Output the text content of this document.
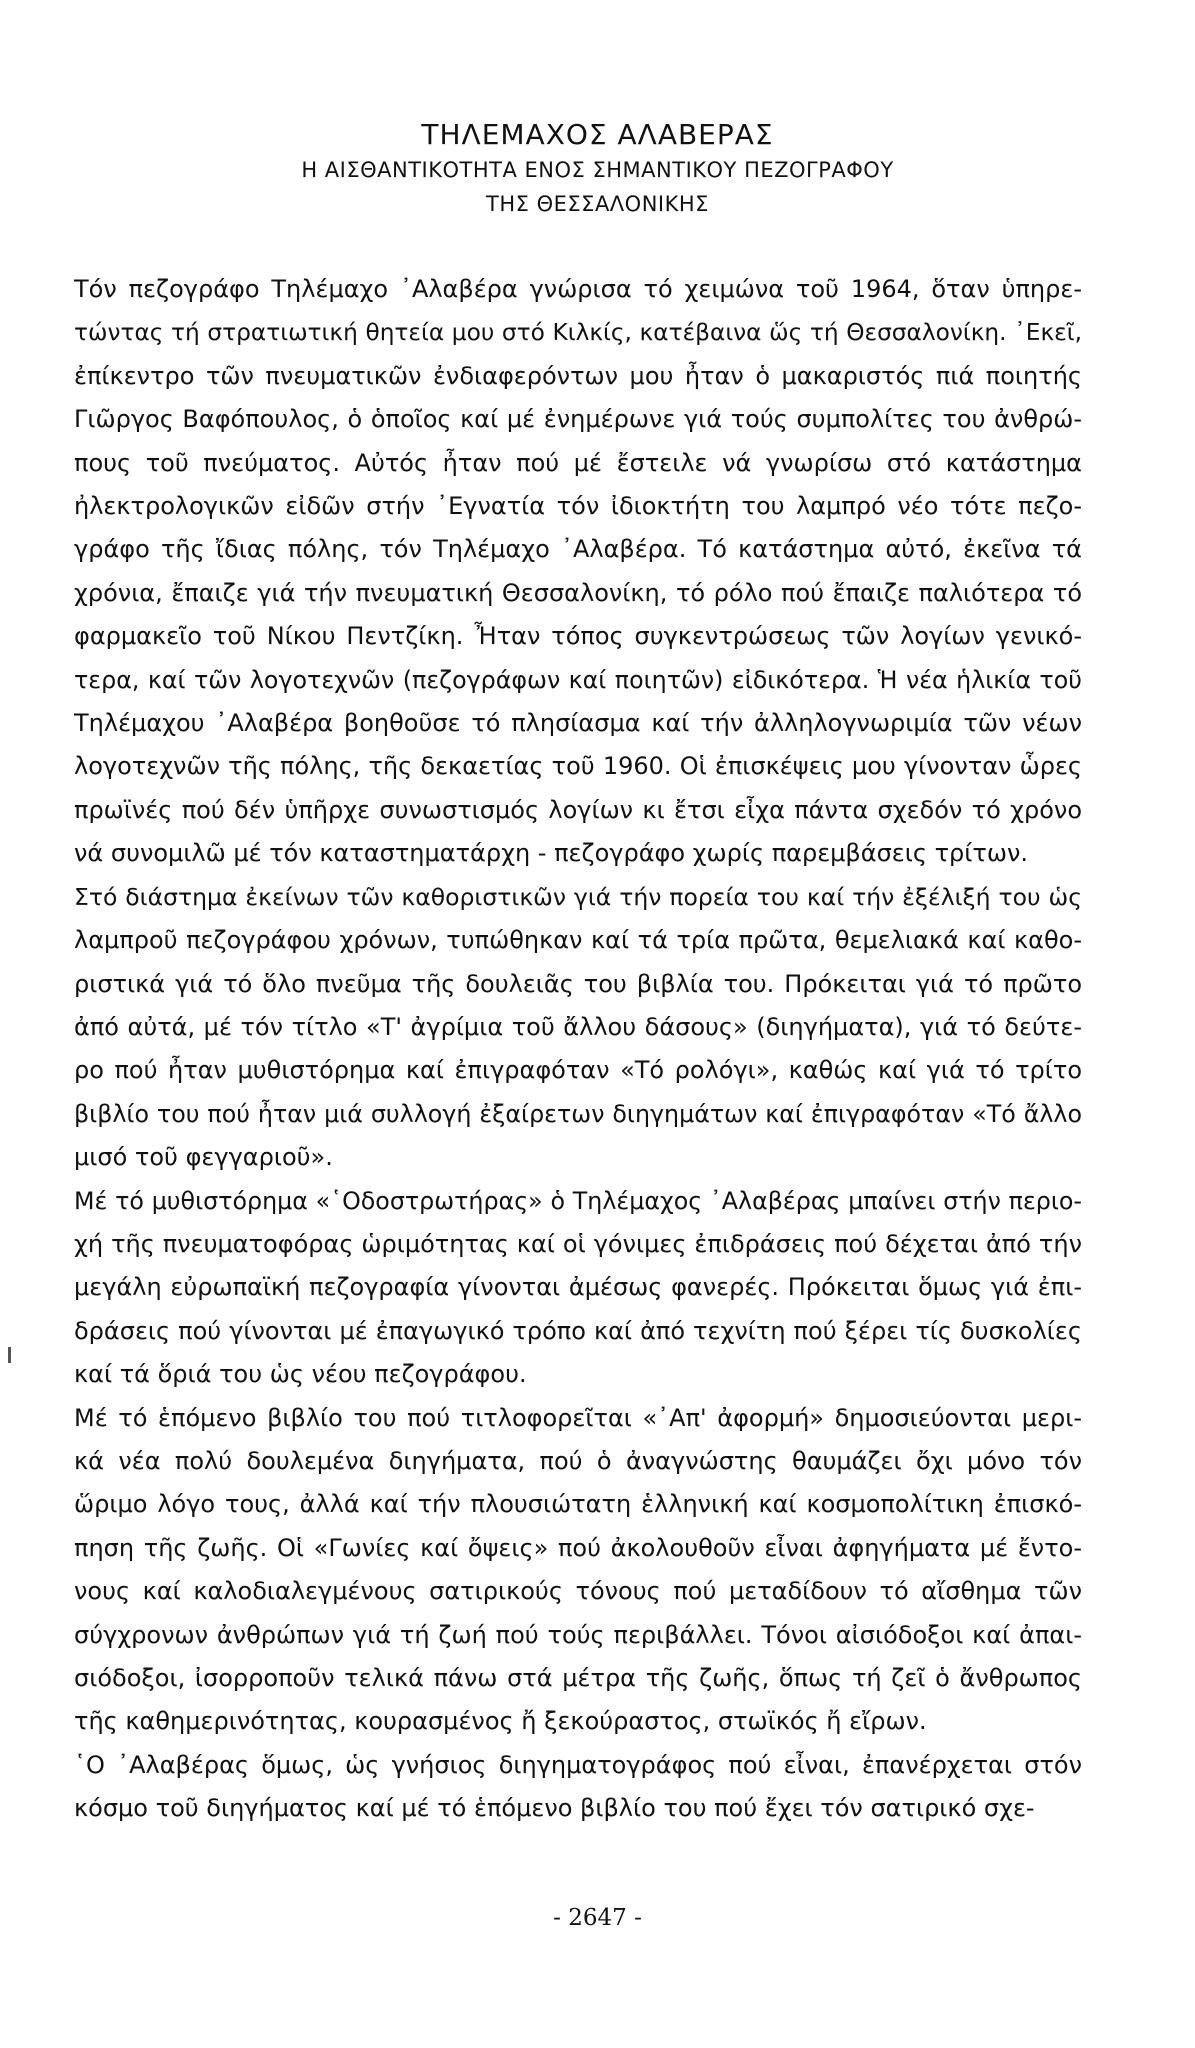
ΤΗΛΕΜΑΧΟΣ ΑΛΑΒΕΡΑΣ
Η ΑΙΣΘΑΝΤΙΚΟΤΗΤΑ ΕΝΟΣ ΣΗΜΑΝΤΙΚΟΥ ΠΕΖΟΓΡΑΦΟΥ
ΤΗΣ ΘΕΣΣΑΛΟΝΙΚΗΣ
Τόν πεζογράφο Τηλέμαχο ᾿Αλαβέρα γνώρισα τό χειμώνα τοῦ 1964, ὅταν ὑπηρε-
τώντας τή στρατιωτική θητεία μου στό Κιλκίς, κατέβαινα ὥς τή Θεσσαλονίκη. ᾿Εκεῖ,
ἐπίκεντρο τῶν πνευματικῶν ἐνδιαφερόντων μου ἦταν ὁ μακαριστός πιά ποιητής
Γιῶργος Βαφόπουλος, ὁ ὁποῖος καί μέ ἐνημέρωνε γιά τούς συμπολίτες του ἀνθρώ-
πους τοῦ πνεύματος. Αὐτός ἦταν πού μέ ἔστειλε νά γνωρίσω στό κατάστημα
ἠλεκτρολογικῶν εἰδῶν στήν ᾿Εγνατία τόν ἰδιοκτήτη του λαμπρό νέο τότε πεζο-
γράφο τῆς ἴδιας πόλης, τόν Τηλέμαχο ᾿Αλαβέρα. Τό κατάστημα αὐτό, ἐκεῖνα τά
χρόνια, ἔπαιζε γιά τήν πνευματική Θεσσαλονίκη, τό ρόλο πού ἔπαιζε παλιότερα τό
φαρμακεῖο τοῦ Νίκου Πεντζίκη. Ἦταν τόπος συγκεντρώσεως τῶν λογίων γενικό-
τερα, καί τῶν λογοτεχνῶν (πεζογράφων καί ποιητῶν) εἰδικότερα. Ἡ νέα ἡλικία τοῦ
Τηλέμαχου ᾿Αλαβέρα βοηθοῦσε τό πλησίασμα καί τήν ἀλληλογνωριμία τῶν νέων
λογοτεχνῶν τῆς πόλης, τῆς δεκαετίας τοῦ 1960. Οἱ ἐπισκέψεις μου γίνονταν ὧρες
πρωϊνές πού δέν ὑπῆρχε συνωστισμός λογίων κι ἔτσι εἶχα πάντα σχεδόν τό χρόνο
νά συνομιλῶ μέ τόν καταστηματάρχη - πεζογράφο χωρίς παρεμβάσεις τρίτων.
Στό διάστημα ἐκείνων τῶν καθοριστικῶν γιά τήν πορεία του καί τήν ἐξέλιξή του ὡς
λαμπροῦ πεζογράφου χρόνων, τυπώθηκαν καί τά τρία πρῶτα, θεμελιακά καί καθο-
ριστικά γιά τό ὅλο πνεῦμα τῆς δουλειᾶς του βιβλία του. Πρόκειται γιά τό πρῶτο
ἀπό αὐτά, μέ τόν τίτλο «Τ' ἀγρίμια τοῦ ἄλλου δάσους» (διηγήματα), γιά τό δεύτε-
ρο πού ἦταν μυθιστόρημα καί ἐπιγραφόταν «Τό ρολόγι», καθώς καί γιά τό τρίτο
βιβλίο του πού ἦταν μιά συλλογή ἐξαίρετων διηγημάτων καί ἐπιγραφόταν «Τό ἄλλο
μισό τοῦ φεγγαριοῦ».
Μέ τό μυθιστόρημα «῾Οδοστρωτήρας» ὁ Τηλέμαχος ᾿Αλαβέρας μπαίνει στήν περιο-
χή τῆς πνευματοφόρας ὡριμότητας καί οἱ γόνιμες ἐπιδράσεις πού δέχεται ἀπό τήν
μεγάλη εὐρωπαϊκή πεζογραφία γίνονται ἀμέσως φανερές. Πρόκειται ὅμως γιά ἐπι-
δράσεις πού γίνονται μέ ἐπαγωγικό τρόπο καί ἀπό τεχνίτη πού ξέρει τίς δυσκολίες
καί τά ὅριά του ὡς νέου πεζογράφου.
Μέ τό ἑπόμενο βιβλίο του πού τιτλοφορεῖται «᾿Απ' ἀφορμή» δημοσιεύονται μερι-
κά νέα πολύ δουλεμένα διηγήματα, πού ὁ ἀναγνώστης θαυμάζει ὄχι μόνο τόν
ὥριμο λόγο τους, ἀλλά καί τήν πλουσιώτατη ἑλληνική καί κοσμοπολίτικη ἐπισκό-
πηση τῆς ζωῆς. Οἱ «Γωνίες καί ὄψεις» πού ἀκολουθοῦν εἶναι ἀφηγήματα μέ ἔντο-
νους καί καλοδιαλεγμένους σατιρικούς τόνους πού μεταδίδουν τό αἴσθημα τῶν
σύγχρονων ἀνθρώπων γιά τή ζωή πού τούς περιβάλλει. Τόνοι αἰσιόδοξοι καί ἀπαι-
σιόδοξοι, ἰσορροποῦν τελικά πάνω στά μέτρα τῆς ζωῆς, ὅπως τή ζεῖ ὁ ἄνθρωπος
τῆς καθημερινότητας, κουρασμένος ἤ ξεκούραστος, στωϊκός ἤ εἴρων.
῾Ο ᾿Αλαβέρας ὅμως, ὡς γνήσιος διηγηματογράφος πού εἶναι, ἐπανέρχεται στόν
κόσμο τοῦ διηγήματος καί μέ τό ἑπόμενο βιβλίο του πού ἔχει τόν σατιρικό σχε-
- 2647 -
